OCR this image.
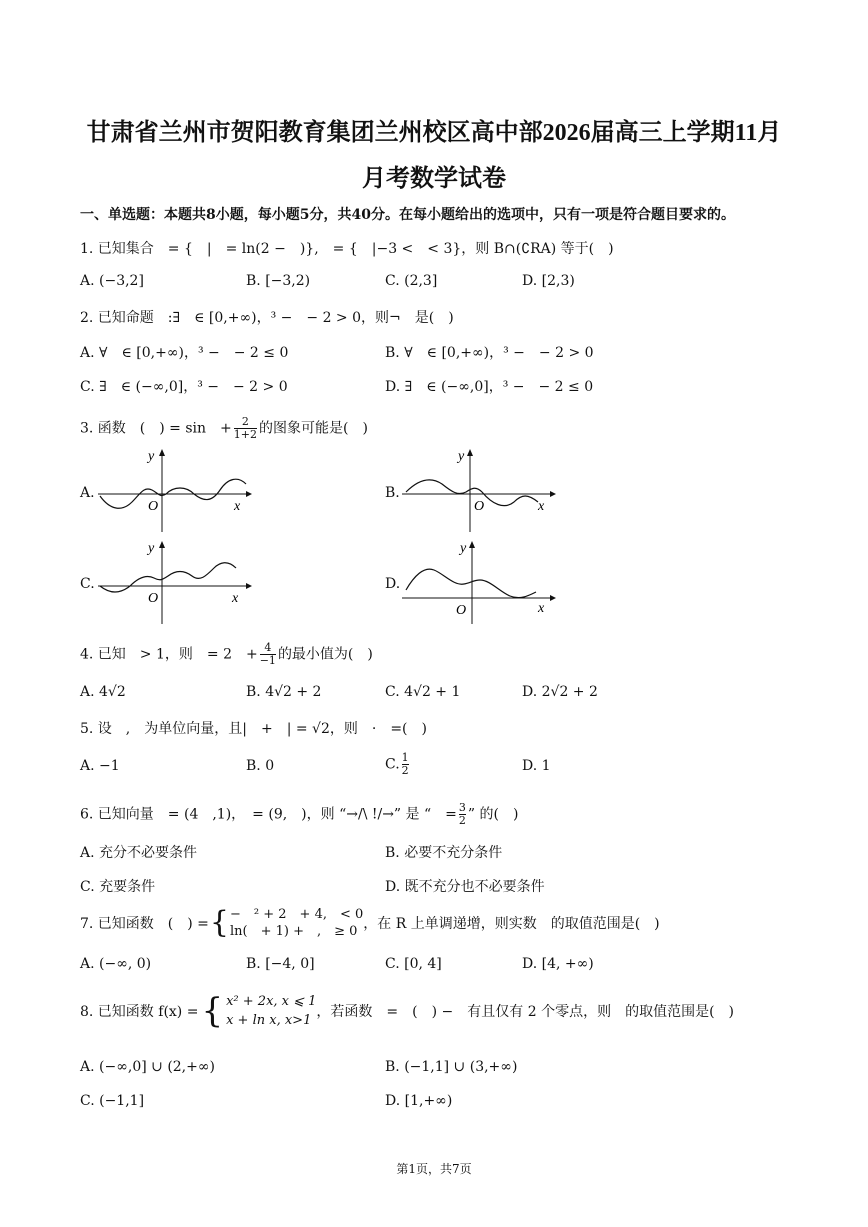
甘肃省兰州市贺阳教育集团兰州校区高中部2026届高三上学期11月
月考数学试卷
一、单选题：本题共8小题，每小题5分，共40分。在每小题给出的选项中，只有一项是符合题目要求的。
1. 已知集合　= {　|　= ln(2 −　)},　= {　|−3 <　< 3}，则 B∩(∁RA) 等于(　)
A. (−3,2]	B. [−3,2)	C. (2,3]	D. [2,3)
2. 已知命题　:∃　∈ [0,+∞)，³ −　− 2 > 0，则¬　是(　)
A. ∀　∈ [0,+∞)，³ −　− 2 ≤ 0	B. ∀　∈ [0,+∞)，³ −　− 2 > 0
C. ∃　∈ (−∞,0]，³ −　− 2 > 0	D. ∃　∈ (−∞,0]，³ −　− 2 ≤ 0
3. 函数　(　) = sin　+ $\frac{2}{1+2}$ 的图象可能是(　)
A.	B.
C.	D.
y
O	x
y
O	x
y
O	x
y
O	x
4. 已知　> 1，则　= 2　+ $\frac{4}{-1}$ 的最小值为(　)
A. 4√2	B. 4√2 + 2	C. 4√2 + 1	D. 2√2 + 2
5. 设　,　为单位向量，且|　+　| = √2，则　·　=(　)
A. −1	B. 0	C. $\frac{1}{2}$	D. 1
6. 已知向量　= (4　,1)，　= (9,　)，则 “→/\ !/→” 是 “　= $\frac{3}{2}$ ” 的(　)
A. 充分不必要条件	B. 必要不充分条件
C. 充要条件	D. 既不充分也不必要条件
7. 已知函数　(　) ={ −　² + 2　+ 4,　< 0
ln(　+ 1) +　,　≥ 0 ，在 R 上单调递增，则实数　的取值范围是(　)
A. (−∞, 0)	B. [−4, 0]	C. [0, 4]	D. [4, +∞)
8. 已知函数 f(x) ={ x² + 2x, x ⩽ 1
x + ln x, x>1
，若函数　=　(　) −　有且仅有 2 个零点，则　的取值范围是(　)
A. (−∞,0] ∪ (2,+∞)	B. (−1,1] ∪ (3,+∞)
C. (−1,1]	D. [1,+∞)
第1页，共7页
